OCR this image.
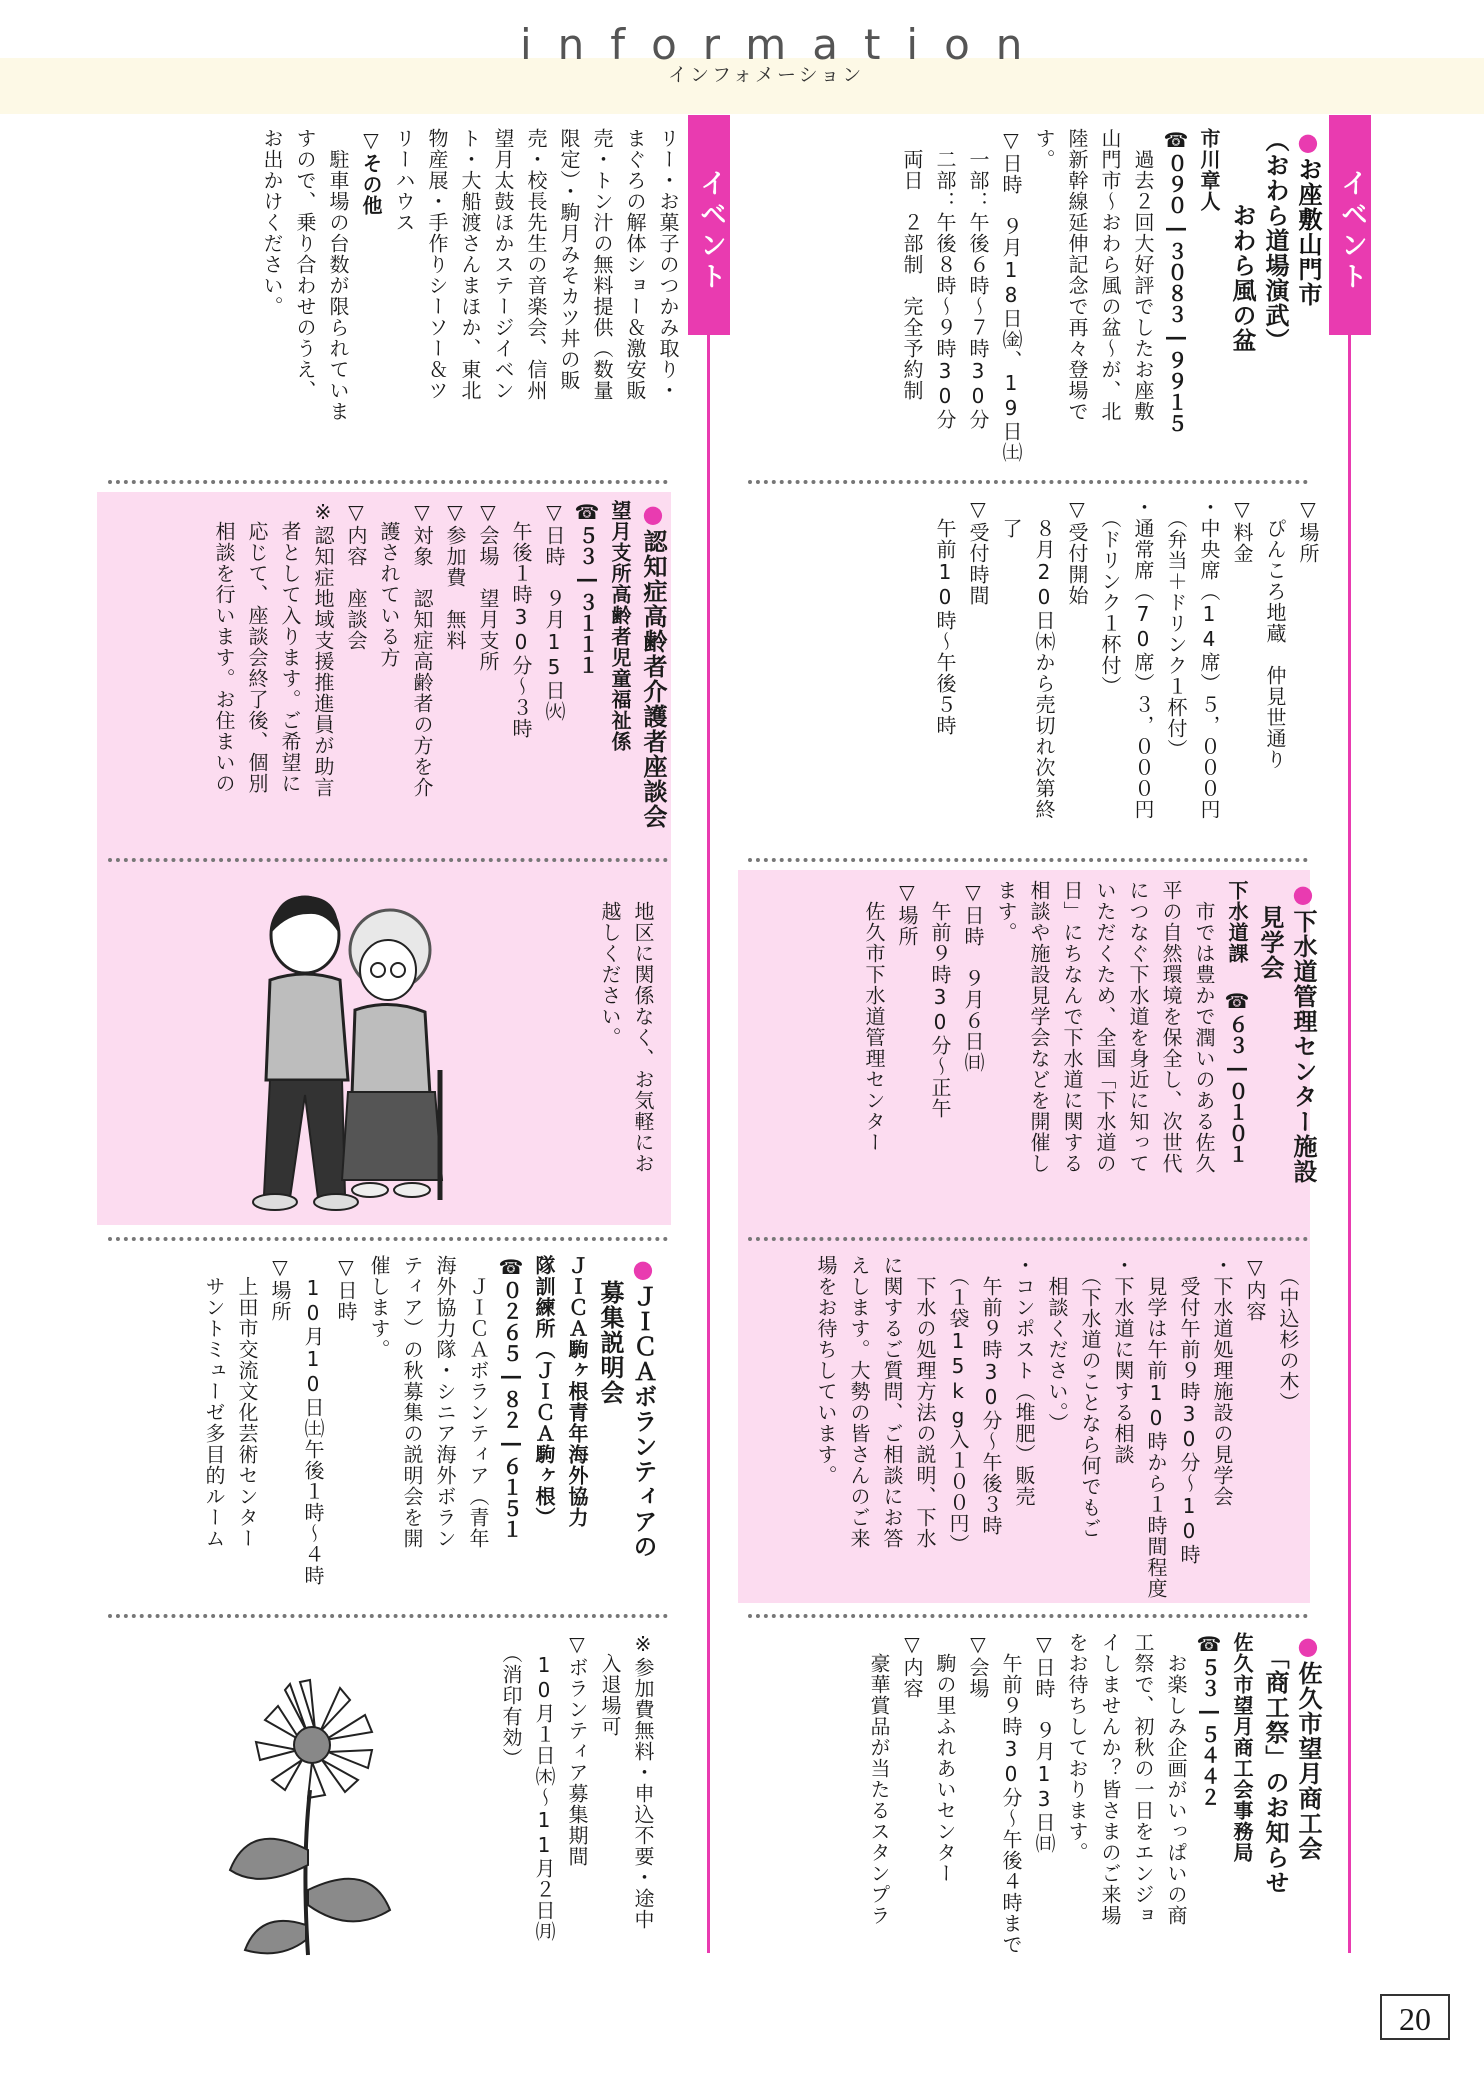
information
インフォメーション
イベント
イベント
●お座敷山門市
（おわら道場演武）
　　　おわら風の盆
市川章人
☎０９０―３０８３―９９１５
　過去２回大好評でしたお座敷
山門市～おわら風の盆～が、北
陸新幹線延伸記念で再々登場で
す。
▽日時　９月18日㈮、19日㈯
　一部：午後６時～７時30分
　二部：午後８時～９時30分
　両日　２部制　完全予約制
▽場所
　ぴんころ地蔵　仲見世通り
▽料金
・中央席（14席）５，０００円
　（弁当＋ドリンク１杯付）
・通常席（70席）３，０００円
　（ドリンク１杯付）
▽受付開始
　８月20日㈭から売切れ次第終
　了
▽受付時間
　午前10時～午後５時
●下水道管理センター施設
　見学会
下水道課 ☎６３―０１０１
　市では豊かで潤いのある佐久
平の自然環境を保全し、次世代
につなぐ下水道を身近に知って
いただくため、全国「下水道の
日」にちなんで下水道に関する
相談や施設見学会などを開催し
ます。
▽日時　９月６日㈰
　午前９時30分～正午
▽場所
　佐久市下水道管理センター
　（中込杉の木）
▽内容
・下水道処理施設の見学会
　受付午前９時30分～10時
　見学は午前10時から１時間程度
・下水道に関する相談
　（下水道のことなら何でもご
　相談ください。）
・コンポスト（堆肥）販売
　午前９時30分～午後３時
　（１袋15kg入１００円）
　下水の処理方法の説明、下水
に関するご質問、ご相談にお答
えします。大勢の皆さんのご来
場をお待ちしています。
●佐久市望月商工会
　「商工祭」のお知らせ
佐久市望月商工会事務局
☎５３―５４４２
　お楽しみ企画がいっぱいの商
工祭で、初秋の一日をエンジョ
イしませんか？皆さまのご来場
をお待ちしております。
▽日時　９月13日㈰
　午前９時30分～午後４時まで
▽会場
　駒の里ふれあいセンター
▽内容
　豪華賞品が当たるスタンプラ
リー・お菓子のつかみ取り・
まぐろの解体ショー＆激安販
売・トン汁の無料提供（数量
限定）・駒月みそカツ丼の販
売・校長先生の音楽会、信州
望月太鼓ほかステージイベン
ト・大船渡さんまほか、東北
物産展・手作りシーソー＆ツ
リーハウス
▽その他
　駐車場の台数が限られていま
すので、乗り合わせのうえ、
お出かけください。
●認知症高齢者介護者座談会
望月支所高齢者児童福祉係
☎５３―３１１１
▽日時　９月15日㈫
　午後１時30分～３時
▽会場　望月支所
▽参加費　無料
▽対象　認知症高齢者の方を介
　護されている方
▽内容　座談会
※認知症地域支援推進員が助言
　者として入ります。ご希望に
　応じて、座談会終了後、個別
　相談を行います。お住まいの
　地区に関係なく、お気軽にお
　越しください。
●ＪＩＣＡボランティアの
　募集説明会
ＪＩＣＡ駒ヶ根青年海外協力
隊訓練所（ＪＩＣＡ駒ヶ根）
☎０２６５―８２―６１５１
　ＪＩＣＡボランティア（青年
海外協力隊・シニア海外ボラン
ティア）の秋募集の説明会を開
催します。
▽日時
　10月10日㈯午後１時～４時
▽場所
　上田市交流文化芸術センター
　サントミューゼ多目的ルーム
※参加費無料・申込不要・途中
　入退場可
▽ボランティア募集期間
　10月１日㈭～11月２日㈪
　（消印有効）
20
